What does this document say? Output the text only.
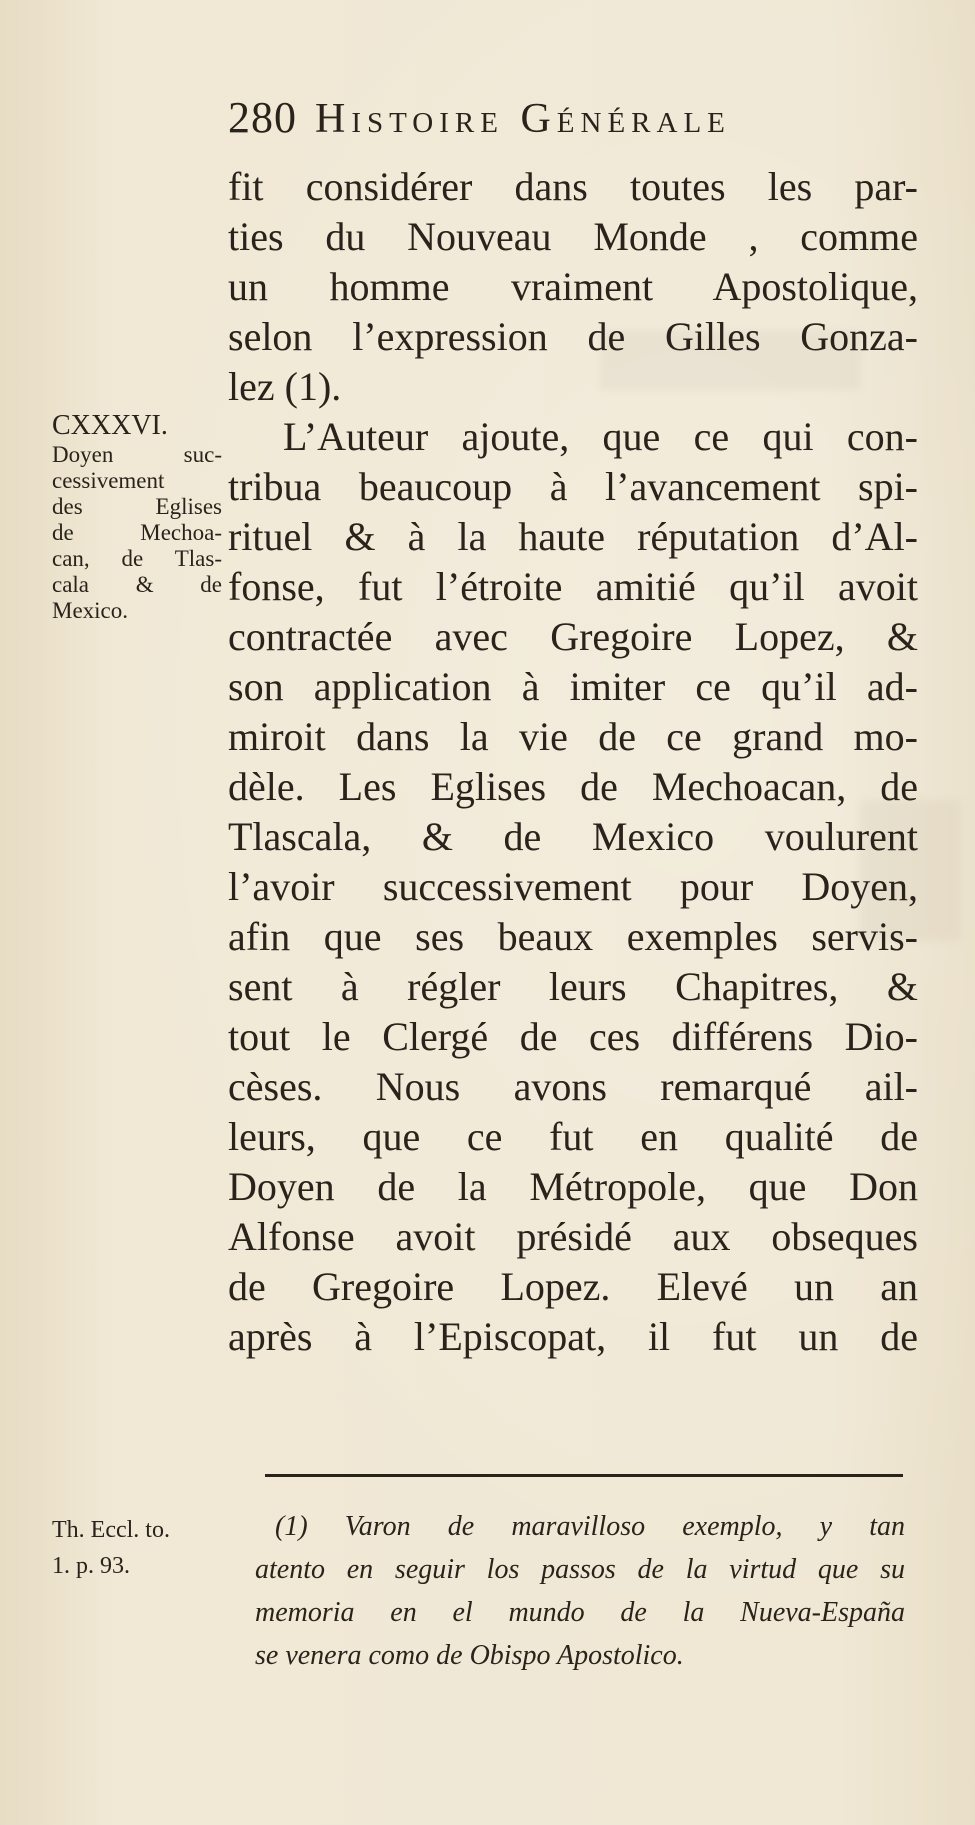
280 Histoire Générale
fit considérer dans toutes les par-
ties du Nouveau Monde , comme
un homme vraiment Apostolique,
selon l’expression de Gilles Gonza-
lez (1).
L’Auteur ajoute, que ce qui con-
tribua beaucoup à l’avancement spi-
rituel & à la haute réputation d’Al-
fonse, fut l’étroite amitié qu’il avoit
contractée avec Gregoire Lopez, &
son application à imiter ce qu’il ad-
miroit dans la vie de ce grand mo-
dèle. Les Eglises de Mechoacan, de
Tlascala, & de Mexico voulurent
l’avoir successivement pour Doyen,
afin que ses beaux exemples servis-
sent à régler leurs Chapitres, &
tout le Clergé de ces différens Dio-
cèses. Nous avons remarqué ail-
leurs, que ce fut en qualité de
Doyen de la Métropole, que Don
Alfonse avoit présidé aux obseques
de Gregoire Lopez. Elevé un an
après à l’Episcopat, il fut un de
CXXXVI.
Doyen suc-
cessivement
des Eglises
de Mechoa-
can, de Tlas-
cala & de
Mexico.
Th. Eccl. to.
1. p. 93.
(1) Varon de maravilloso exemplo, y tan
atento en seguir los passos de la virtud que su
memoria en el mundo de la Nueva-España
se venera como de Obispo Apostolico.
